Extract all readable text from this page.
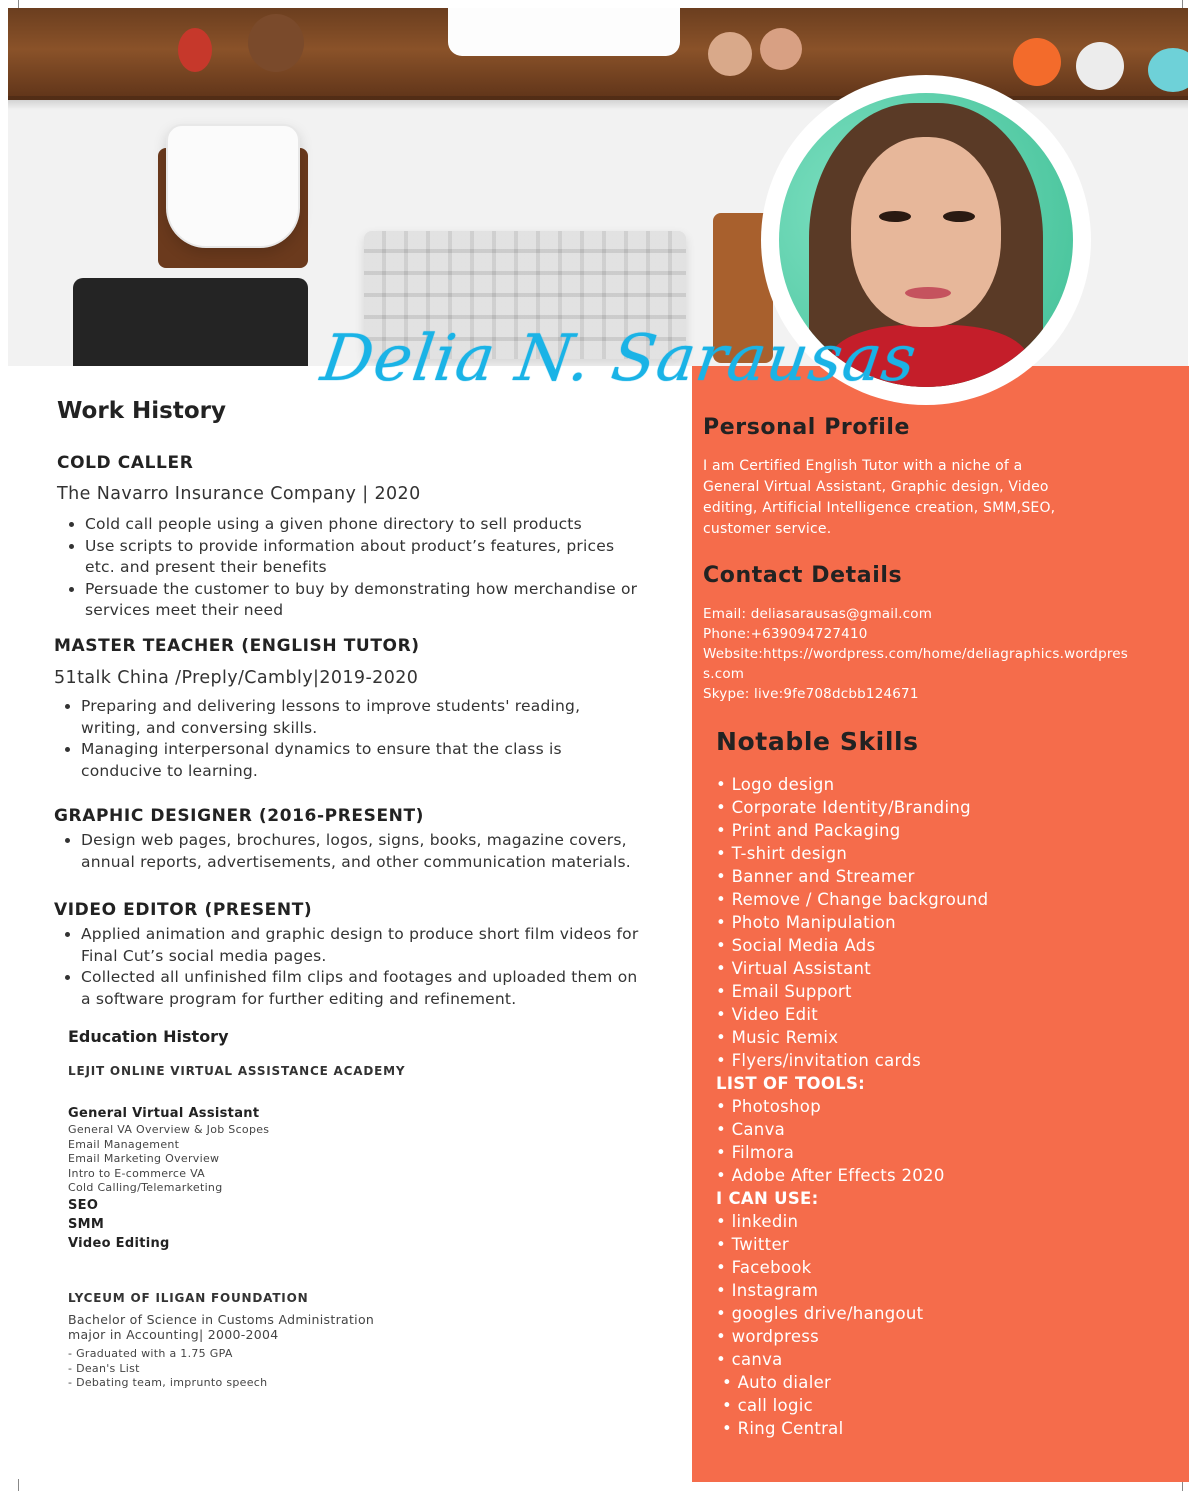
Delia N. Sarausas
Work History
COLD CALLER
The Navarro Insurance Company | 2020
• Cold call people using a given phone directory to sell products
• Use scripts to provide information about product’s features, prices etc. and present their benefits
• Persuade the customer to buy by demonstrating how merchandise or services meet their need
MASTER TEACHER (ENGLISH TUTOR)
51talk China /Preply/Cambly|2019-2020
• Preparing and delivering lessons to improve students' reading, writing, and conversing skills.
• Managing interpersonal dynamics to ensure that the class is conducive to learning.
GRAPHIC DESIGNER (2016-PRESENT)
• Design web pages, brochures, logos, signs, books, magazine covers, annual reports, advertisements, and other communication materials.
VIDEO EDITOR (PRESENT)
• Applied animation and graphic design to produce short film videos for Final Cut’s social media pages.
• Collected all unfinished film clips and footages and uploaded them on a software program for further editing and refinement.
Education History
LEJIT ONLINE VIRTUAL ASSISTANCE ACADEMY
General Virtual Assistant
General VA Overview & Job Scopes
Email Management
Email Marketing Overview
Intro to E-commerce VA
Cold Calling/Telemarketing
SEO
SMM
Video Editing
LYCEUM OF ILIGAN FOUNDATION
Bachelor of Science in Customs Administration
major in Accounting| 2000-2004
- Graduated with a 1.75 GPA
- Dean's List
- Debating team, imprunto speech
Personal Profile
I am Certified English Tutor with a niche of a
General Virtual Assistant, Graphic design, Video
editing, Artificial Intelligence creation, SMM,SEO,
customer service.
Contact Details
Email: deliasarausas@gmail.com
Phone:+639094727410
Website:https://wordpress.com/home/deliagraphics.wordpres
s.com
Skype: live:9fe708dcbb124671
Notable Skills
• Logo design
• Corporate Identity/Branding
• Print and Packaging
• T-shirt design
• Banner and Streamer
• Remove / Change background
• Photo Manipulation
• Social Media Ads
• Virtual Assistant
• Email Support
• Video Edit
• Music Remix
• Flyers/invitation cards
LIST OF TOOLS:
• Photoshop
• Canva
• Filmora
• Adobe After Effects 2020
I CAN USE:
• linkedin
• Twitter
• Facebook
• Instagram
• googles drive/hangout
• wordpress
• canva
• Auto dialer
• call logic
• Ring Central
